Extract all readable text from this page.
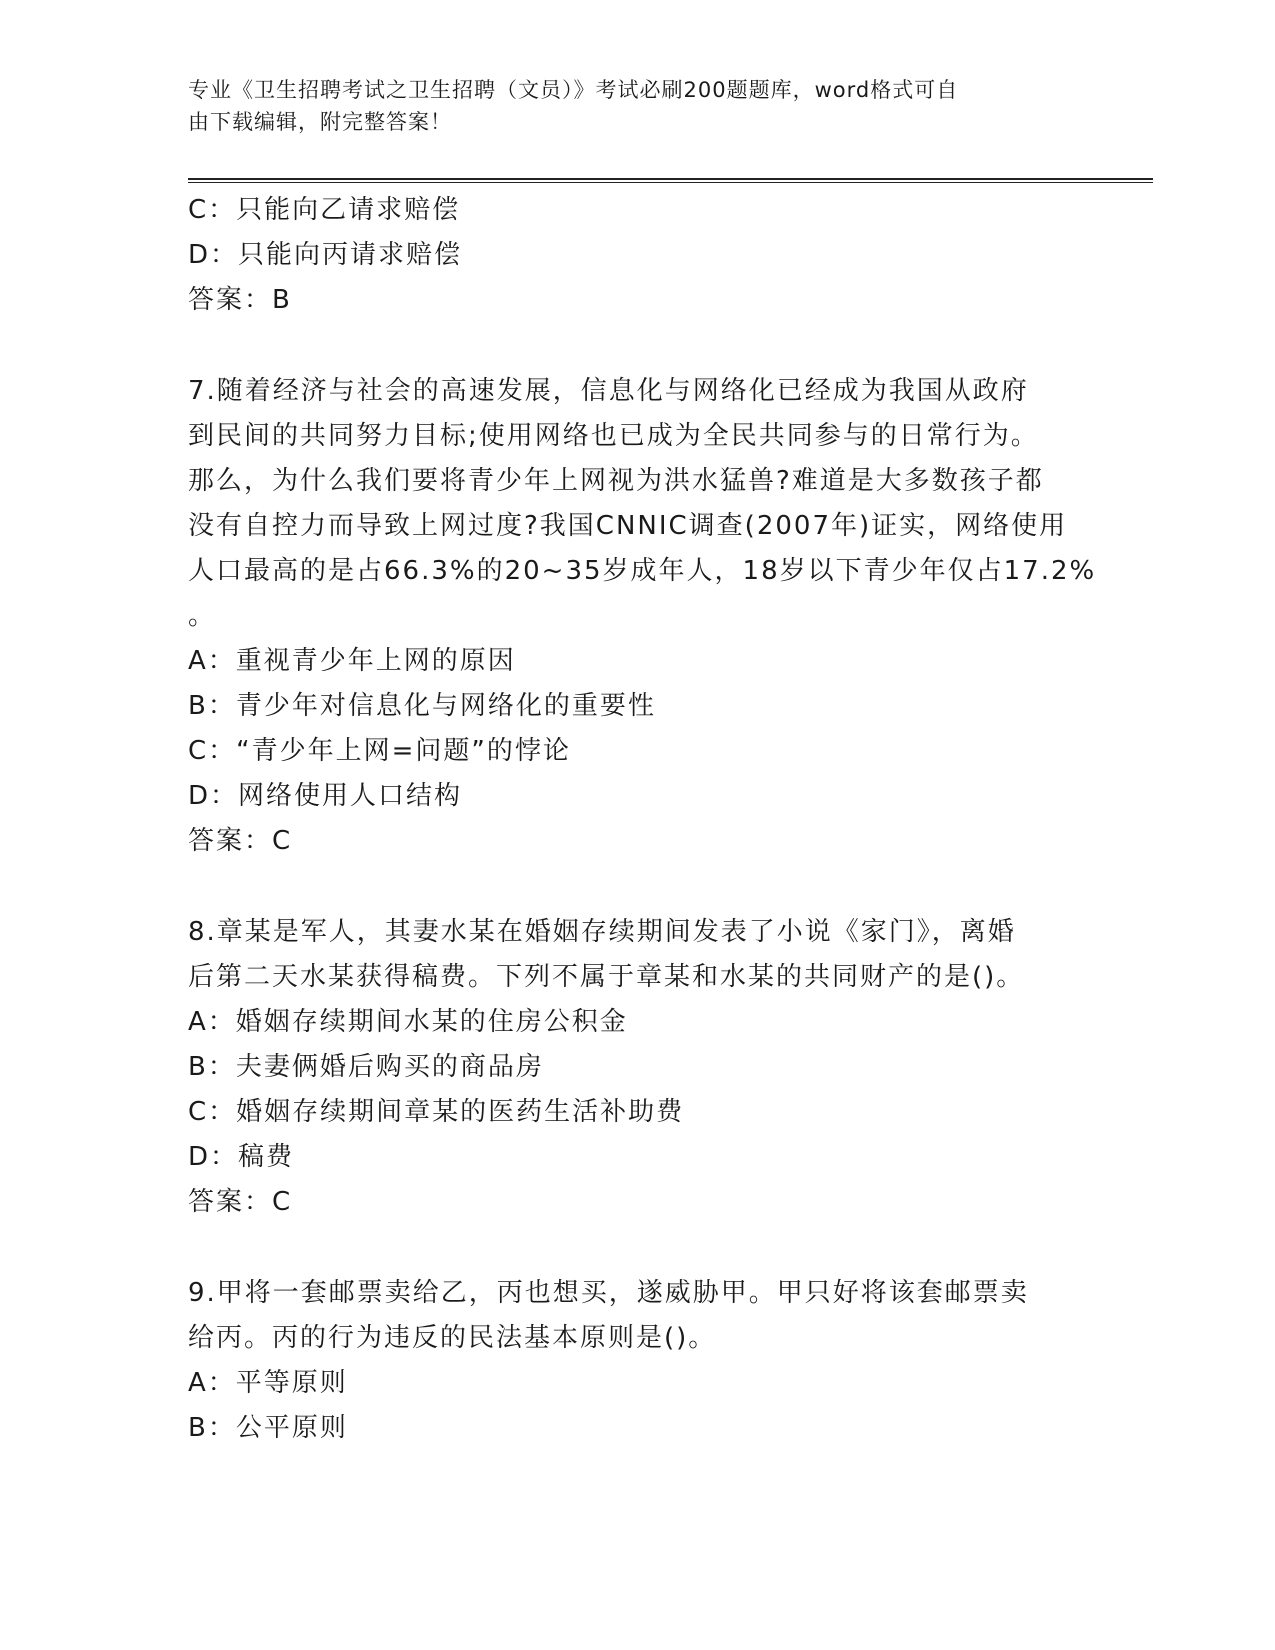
专业《卫生招聘考试之卫生招聘（文员）》考试必刷200题题库，word格式可自
由下载编辑，附完整答案！
C：只能向乙请求赔偿
D：只能向丙请求赔偿
答案：B
7.随着经济与社会的高速发展，信息化与网络化已经成为我国从政府
到民间的共同努力目标;使用网络也已成为全民共同参与的日常行为。
那么，为什么我们要将青少年上网视为洪水猛兽?难道是大多数孩子都
没有自控力而导致上网过度?我国CNNIC调查(2007年)证实，网络使用
人口最高的是占66.3%的20~35岁成年人，18岁以下青少年仅占17.2%
。
A：重视青少年上网的原因
B：青少年对信息化与网络化的重要性
C：“青少年上网=问题”的悖论
D：网络使用人口结构
答案：C
8.章某是军人，其妻水某在婚姻存续期间发表了小说《家门》，离婚
后第二天水某获得稿费。下列不属于章某和水某的共同财产的是()。
A：婚姻存续期间水某的住房公积金
B：夫妻俩婚后购买的商品房
C：婚姻存续期间章某的医药生活补助费
D：稿费
答案：C
9.甲将一套邮票卖给乙，丙也想买，遂威胁甲。甲只好将该套邮票卖
给丙。丙的行为违反的民法基本原则是()。
A：平等原则
B：公平原则
